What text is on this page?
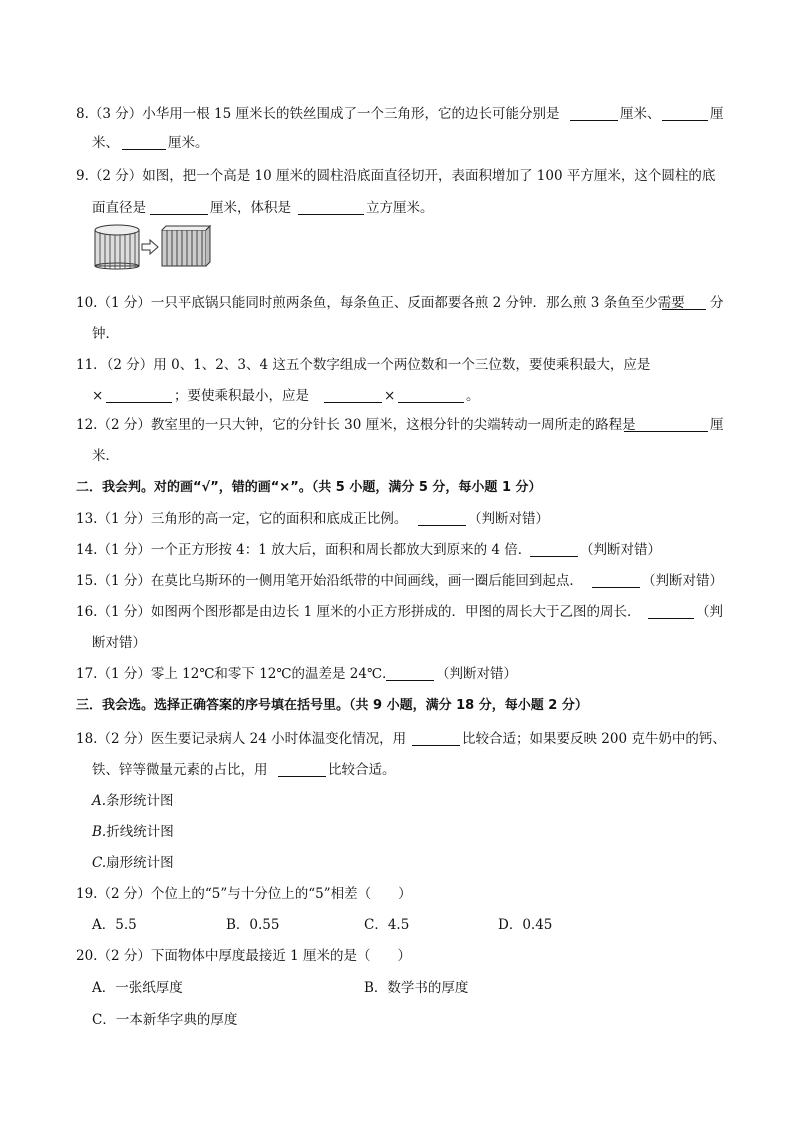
8.（3 分）小华用一根 15 厘米长的铁丝围成了一个三角形，它的边长可能分别是	厘米、	厘
米、	厘米。
9.（2 分）如图，把一个高是 10 厘米的圆柱沿底面直径切开，表面积增加了 100 平方厘米，这个圆柱的底
面直径是	厘米，体积是	立方厘米。
10.（1 分）一只平底锅只能同时煎两条鱼，每条鱼正、反面都要各煎 2 分钟．那么煎 3 条鱼至少需要 分
钟．
11．（2 分）用 0、1、2、3、4 这五个数字组成一个两位数和一个三位数，要使乘积最大，应是
×	；要使乘积最小，应是	×	。
12.（2 分）教室里的一只大钟，它的分针长 30 厘米，这根分针的尖端转动一周所走的路程是	厘
米．
二．我会判。对的画“√”，错的画“×”。（共 5 小题，满分 5 分，每小题 1 分）
13.（1 分）三角形的高一定，它的面积和底成正比例。	（判断对错）
14.（1 分）一个正方形按 4：1 放大后，面积和周长都放大到原来的 4 倍．	（判断对错）
15.（1 分）在莫比乌斯环的一侧用笔开始沿纸带的中间画线，画一圈后能回到起点．	（判断对错）
16.（1 分）如图两个图形都是由边长 1 厘米的小正方形拼成的．甲图的周长大于乙图的周长．	（判
断对错）
17.（1 分）零上 12℃和零下 12℃的温差是 24℃．	（判断对错）
三．我会选。选择正确答案的序号填在括号里。（共 9 小题，满分 18 分，每小题 2 分）
18.（2 分）医生要记录病人 24 小时体温变化情况，用	比较合适；如果要反映 200 克牛奶中的钙、
铁、锌等微量元素的占比，用	比较合适。
A.条形统计图
B.折线统计图
C.扇形统计图
19.（2 分）个位上的“5”与十分位上的“5”相差（　　）
A．5.5	B．0.55	C．4.5	D．0.45
20.（2 分）下面物体中厚度最接近 1 厘米的是（　　）
A．一张纸厚度	B．数学书的厚度
C．一本新华字典的厚度
